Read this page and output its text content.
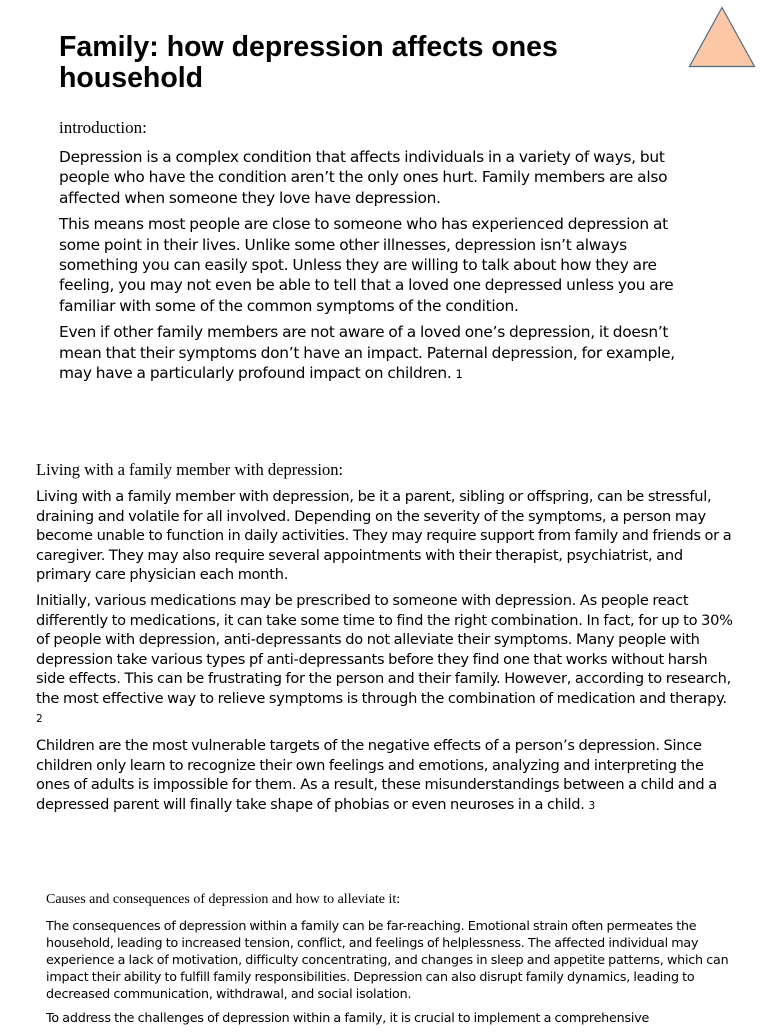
Family: how depression affects ones household

introduction:

Depression is a complex condition that affects individuals in a variety of ways, but people who have the condition aren’t the only ones hurt. Family members are also affected when someone they love have depression.

This means most people are close to someone who has experienced depression at some point in their lives. Unlike some other illnesses, depression isn’t always something you can easily spot. Unless they are willing to talk about how they are feeling, you may not even be able to tell that a loved one depressed unless you are familiar with some of the common symptoms of the condition.

Even if other family members are not aware of a loved one’s depression, it doesn’t mean that their symptoms don’t have an impact. Paternal depression, for example, may have a particularly profound impact on children. 1

Living with a family member with depression:

Living with a family member with depression, be it a parent, sibling or offspring, can be stressful, draining and volatile for all involved. Depending on the severity of the symptoms, a person may become unable to function in daily activities. They may require support from family and friends or a caregiver. They may also require several appointments with their therapist, psychiatrist, and primary care physician each month.

Initially, various medications may be prescribed to someone with depression. As people react differently to medications, it can take some time to find the right combination. In fact, for up to 30% of people with depression, anti-depressants do not alleviate their symptoms. Many people with depression take various types pf anti-depressants before they find one that works without harsh side effects. This can be frustrating for the person and their family. However, according to research, the most effective way to relieve symptoms is through the combination of medication and therapy. 2

Children are the most vulnerable targets of the negative effects of a person’s depression. Since children only learn to recognize their own feelings and emotions, analyzing and interpreting the ones of adults is impossible for them. As a result, these misunderstandings between a child and a depressed parent will finally take shape of phobias or even neuroses in a child. 3

Causes and consequences of depression and how to alleviate it:

The consequences of depression within a family can be far-reaching. Emotional strain often permeates the household, leading to increased tension, conflict, and feelings of helplessness. The affected individual may experience a lack of motivation, difficulty concentrating, and changes in sleep and appetite patterns, which can impact their ability to fulfill family responsibilities. Depression can also disrupt family dynamics, leading to decreased communication, withdrawal, and social isolation.

To address the challenges of depression within a family, it is crucial to implement a comprehensive
